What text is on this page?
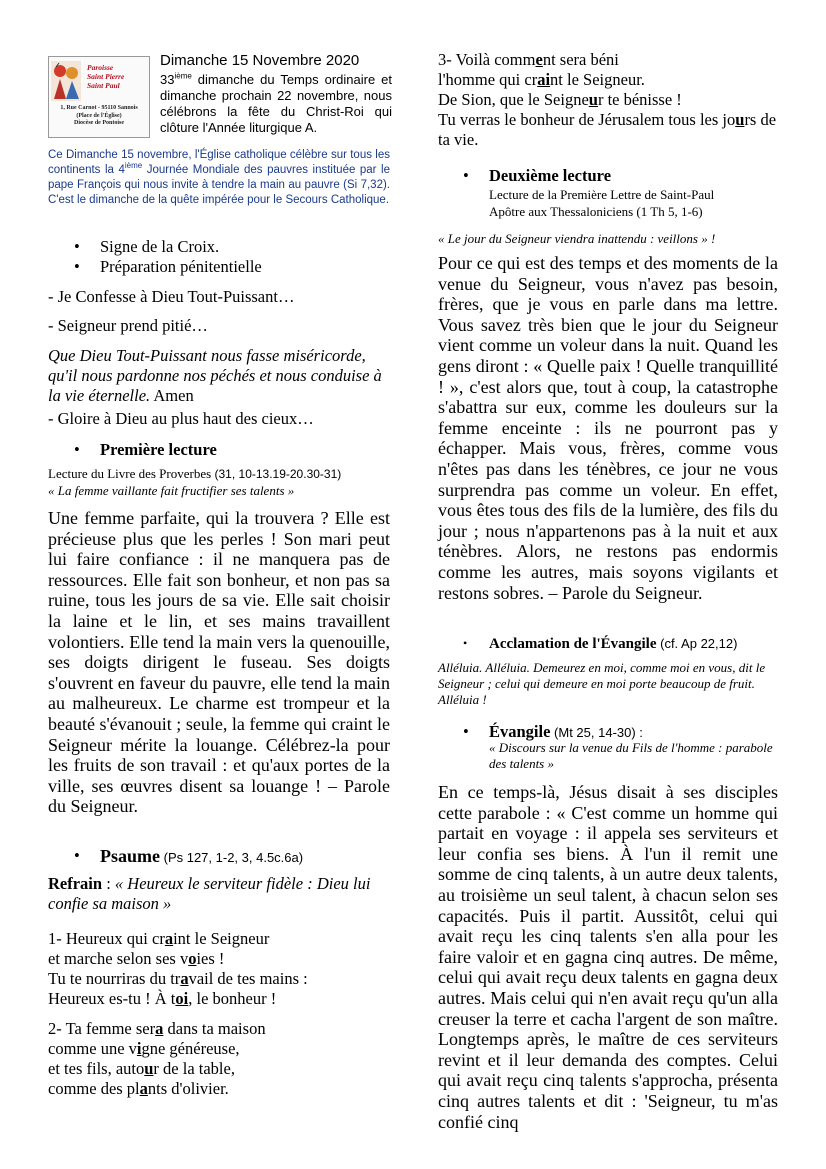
Paroisse
Saint Pierre
Saint Paul
1, Rue Carnot - 95110 Sannois
(Place de l'Église)
Diocèse de Pontoise
Dimanche 15 Novembre 2020

33ième dimanche du Temps ordinaire et dimanche prochain 22 novembre, nous célébrons la fête du Christ-Roi qui clôture l'Année liturgique A.

Ce Dimanche 15 novembre, l'Église catholique célèbre sur tous les continents la 4ième Journée Mondiale des pauvres instituée par le pape François qui nous invite à tendre la main au pauvre (Si 7,32). C'est le dimanche de la quête impérée pour le Secours Catholique.

• Signe de la Croix.
• Préparation pénitentielle

- Je Confesse à Dieu Tout-Puissant…

- Seigneur prend pitié…

Que Dieu Tout-Puissant nous fasse miséricorde, qu'il nous pardonne nos péchés et nous conduise à la vie éternelle. Amen

- Gloire à Dieu au plus haut des cieux…

• Première lecture

Lecture du Livre des Proverbes (31, 10-13.19-20.30-31)

« La femme vaillante fait fructifier ses talents »

Une femme parfaite, qui la trouvera ? Elle est précieuse plus que les perles ! Son mari peut lui faire confiance : il ne manquera pas de ressources. Elle fait son bonheur, et non pas sa ruine, tous les jours de sa vie. Elle sait choisir la laine et le lin, et ses mains travaillent volontiers. Elle tend la main vers la quenouille, ses doigts dirigent le fuseau. Ses doigts s'ouvrent en faveur du pauvre, elle tend la main au malheureux. Le charme est trompeur et la beauté s'évanouit ; seule, la femme qui craint le Seigneur mérite la louange. Célébrez-la pour les fruits de son travail : et qu'aux portes de la ville, ses œuvres disent sa louange ! – Parole du Seigneur.

• Psaume (Ps 127, 1-2, 3, 4.5c.6a)

Refrain : « Heureux le serviteur fidèle : Dieu lui confie sa maison »

1- Heureux qui craint le Seigneur
et marche selon ses voies !
Tu te nourriras du travail de tes mains :
Heureux es-tu ! À toi, le bonheur !
2- Ta femme sera dans ta maison
comme une vigne généreuse,
et tes fils, autour de la table,
comme des plants d'olivier.
3- Voilà comment sera béni
l'homme qui craint le Seigneur.
De Sion, que le Seigneur te bénisse !
Tu verras le bonheur de Jérusalem tous les jours de ta vie.

• Deuxième lecture

Lecture de la Première Lettre de Saint-Paul
Apôtre aux Thessaloniciens (1 Th 5, 1-6)

« Le jour du Seigneur viendra inattendu : veillons » !

Pour ce qui est des temps et des moments de la venue du Seigneur, vous n'avez pas besoin, frères, que je vous en parle dans ma lettre. Vous savez très bien que le jour du Seigneur vient comme un voleur dans la nuit. Quand les gens diront : « Quelle paix ! Quelle tranquillité ! », c'est alors que, tout à coup, la catastrophe s'abattra sur eux, comme les douleurs sur la femme enceinte : ils ne pourront pas y échapper. Mais vous, frères, comme vous n'êtes pas dans les ténèbres, ce jour ne vous surprendra pas comme un voleur. En effet, vous êtes tous des fils de la lumière, des fils du jour ; nous n'appartenons pas à la nuit et aux ténèbres. Alors, ne restons pas endormis comme les autres, mais soyons vigilants et restons sobres. – Parole du Seigneur.

• Acclamation de l'Évangile (cf. Ap 22,12)

Alléluia. Alléluia. Demeurez en moi, comme moi en vous, dit le Seigneur ; celui qui demeure en moi porte beaucoup de fruit. Alléluia !

• Évangile (Mt 25, 14-30) :

« Discours sur la venue du Fils de l'homme : parabole des talents »

En ce temps-là, Jésus disait à ses disciples cette parabole : « C'est comme un homme qui partait en voyage : il appela ses serviteurs et leur confia ses biens. À l'un il remit une somme de cinq talents, à un autre deux talents, au troisième un seul talent, à chacun selon ses capacités. Puis il partit. Aussitôt, celui qui avait reçu les cinq talents s'en alla pour les faire valoir et en gagna cinq autres. De même, celui qui avait reçu deux talents en gagna deux autres. Mais celui qui n'en avait reçu qu'un alla creuser la terre et cacha l'argent de son maître. Longtemps après, le maître de ces serviteurs revint et il leur demanda des comptes. Celui qui avait reçu cinq talents s'approcha, présenta cinq autres talents et dit : 'Seigneur, tu m'as confié cinq
